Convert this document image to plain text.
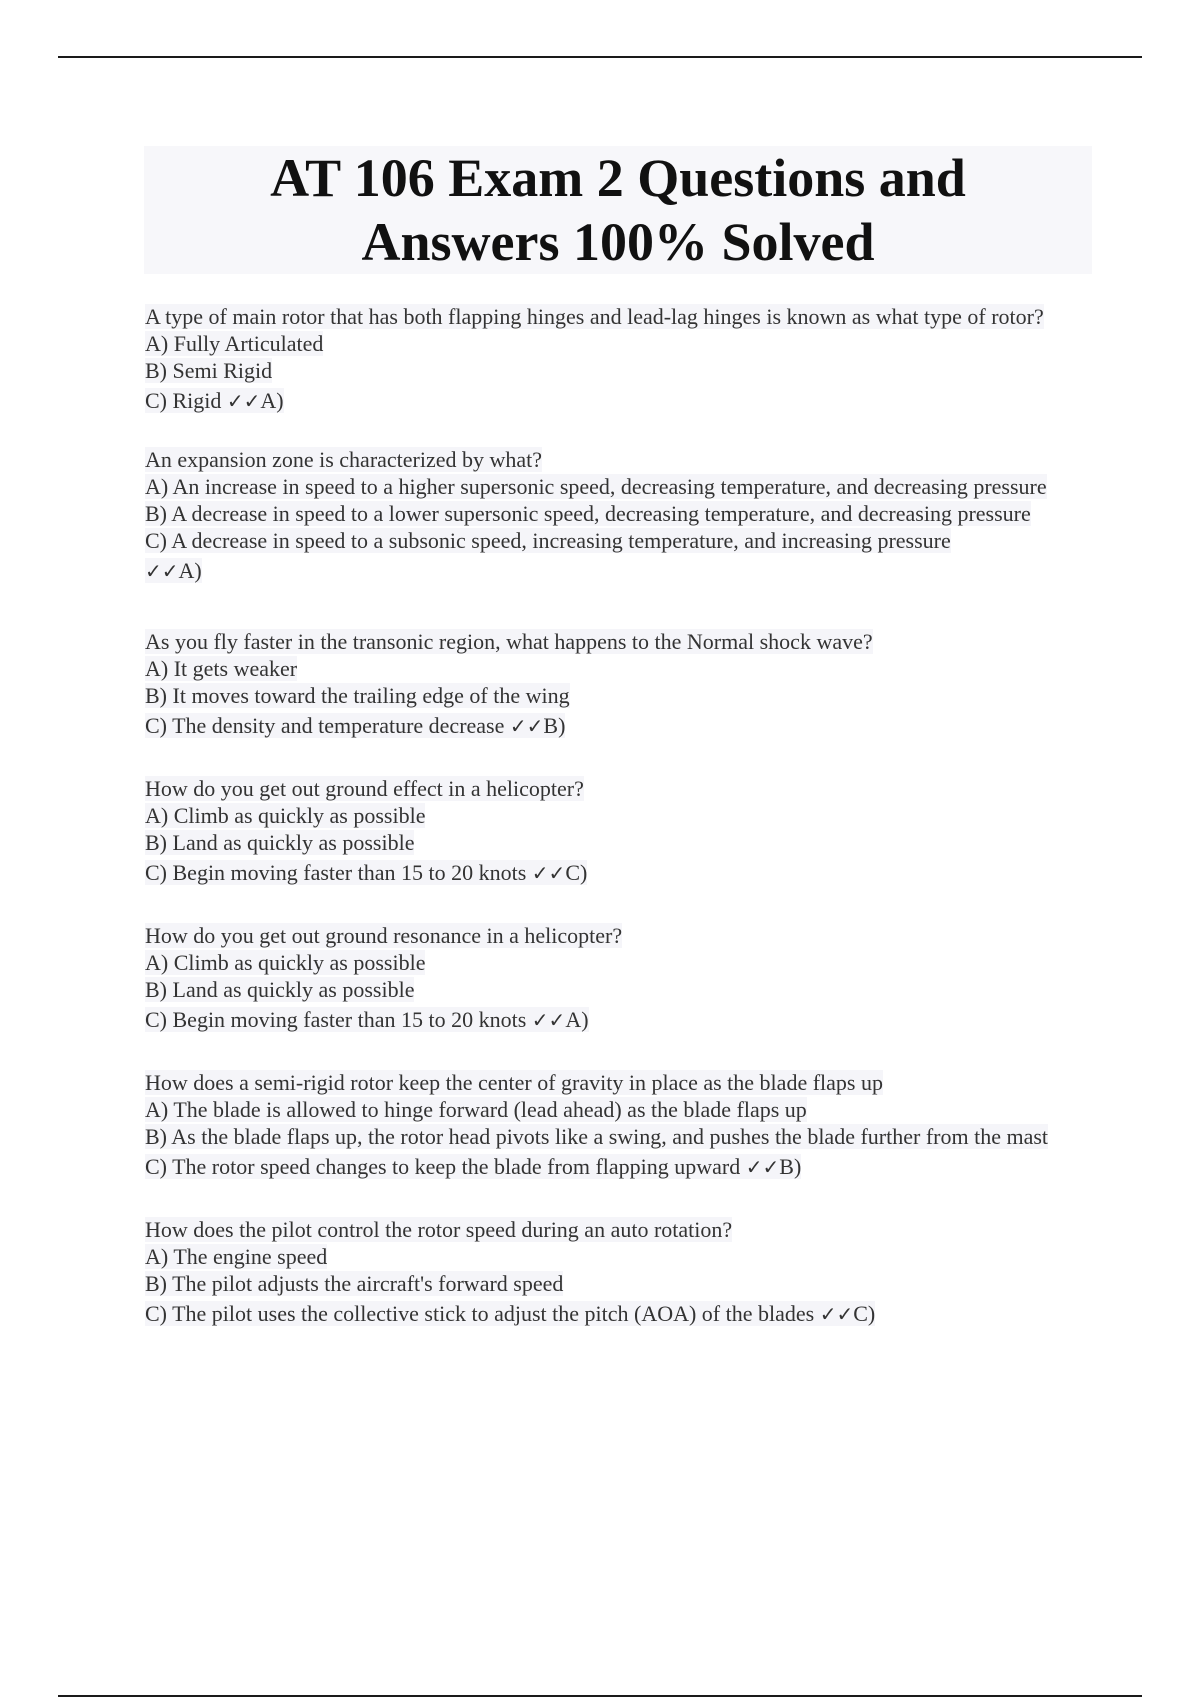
AT 106 Exam 2 Questions and Answers 100% Solved
A type of main rotor that has both flapping hinges and lead-lag hinges is known as what type of rotor?
A) Fully Articulated
B) Semi Rigid
C) Rigid ✓✓A)
An expansion zone is characterized by what?
A) An increase in speed to a higher supersonic speed, decreasing temperature, and decreasing pressure
B) A decrease in speed to a lower supersonic speed, decreasing temperature, and decreasing pressure
C) A decrease in speed to a subsonic speed, increasing temperature, and increasing pressure
✓✓A)
As you fly faster in the transonic region, what happens to the Normal shock wave?
A) It gets weaker
B) It moves toward the trailing edge of the wing
C) The density and temperature decrease ✓✓B)
How do you get out ground effect in a helicopter?
A) Climb as quickly as possible
B) Land as quickly as possible
C) Begin moving faster than 15 to 20 knots ✓✓C)
How do you get out ground resonance in a helicopter?
A) Climb as quickly as possible
B) Land as quickly as possible
C) Begin moving faster than 15 to 20 knots ✓✓A)
How does a semi-rigid rotor keep the center of gravity in place as the blade flaps up
A) The blade is allowed to hinge forward (lead ahead) as the blade flaps up
B) As the blade flaps up, the rotor head pivots like a swing, and pushes the blade further from the mast
C) The rotor speed changes to keep the blade from flapping upward ✓✓B)
How does the pilot control the rotor speed during an auto rotation?
A) The engine speed
B) The pilot adjusts the aircraft's forward speed
C) The pilot uses the collective stick to adjust the pitch (AOA) of the blades ✓✓C)
